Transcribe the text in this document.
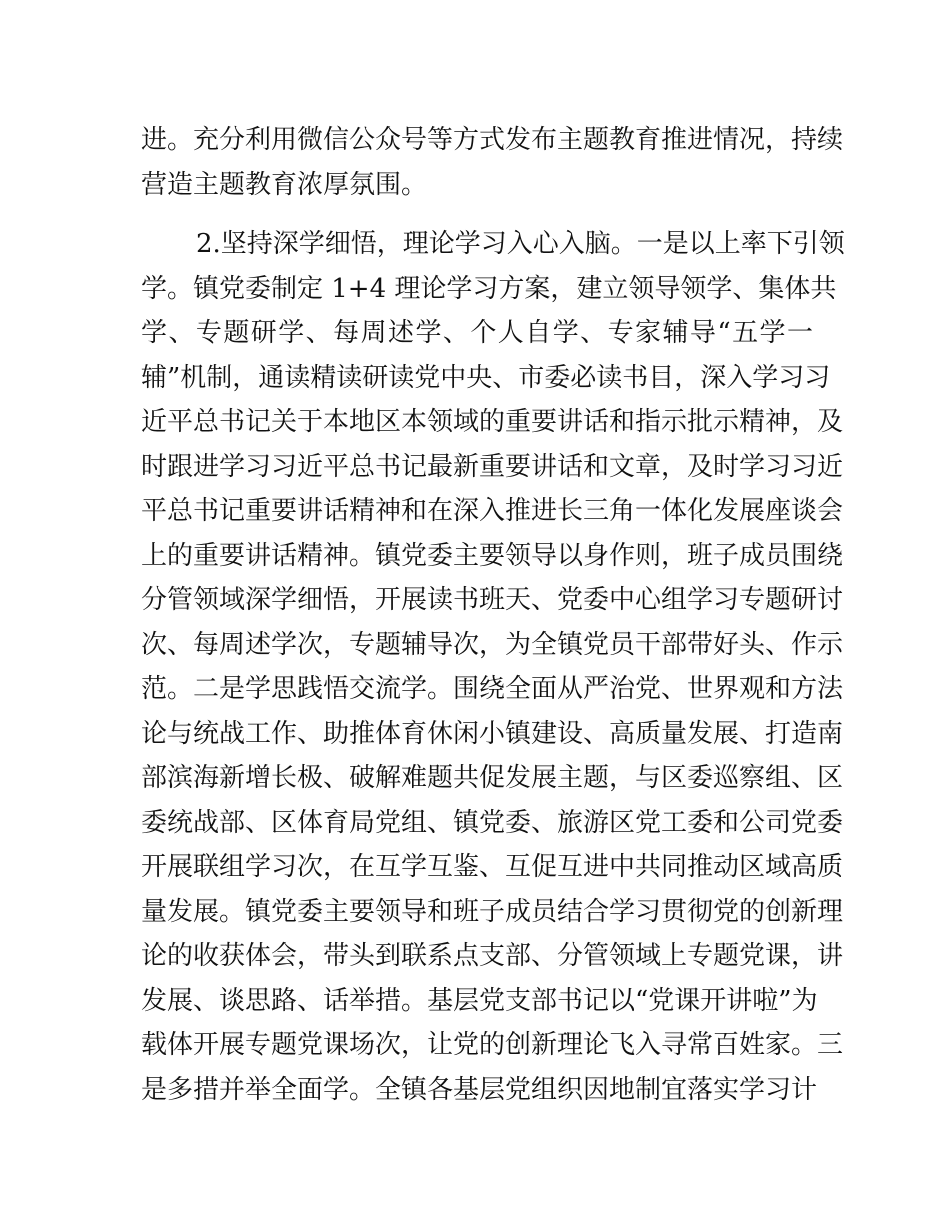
进。充分利用微信公众号等方式发布主题教育推进情况，持续
营造主题教育浓厚氛围。
2.坚持深学细悟，理论学习入心入脑。一是以上率下引领
学。镇党委制定 1+4 理论学习方案，建立领导领学、集体共
学、专题研学、每周述学、个人自学、专家辅导“五学一
辅”机制，通读精读研读党中央、市委必读书目，深入学习习
近平总书记关于本地区本领域的重要讲话和指示批示精神，及
时跟进学习习近平总书记最新重要讲话和文章，及时学习习近
平总书记重要讲话精神和在深入推进长三角一体化发展座谈会
上的重要讲话精神。镇党委主要领导以身作则，班子成员围绕
分管领域深学细悟，开展读书班天、党委中心组学习专题研讨
次、每周述学次，专题辅导次，为全镇党员干部带好头、作示
范。二是学思践悟交流学。围绕全面从严治党、世界观和方法
论与统战工作、助推体育休闲小镇建设、高质量发展、打造南
部滨海新增长极、破解难题共促发展主题，与区委巡察组、区
委统战部、区体育局党组、镇党委、旅游区党工委和公司党委
开展联组学习次，在互学互鉴、互促互进中共同推动区域高质
量发展。镇党委主要领导和班子成员结合学习贯彻党的创新理
论的收获体会，带头到联系点支部、分管领域上专题党课，讲
发展、谈思路、话举措。基层党支部书记以“党课开讲啦”为
载体开展专题党课场次，让党的创新理论飞入寻常百姓家。三
是多措并举全面学。全镇各基层党组织因地制宜落实学习计
